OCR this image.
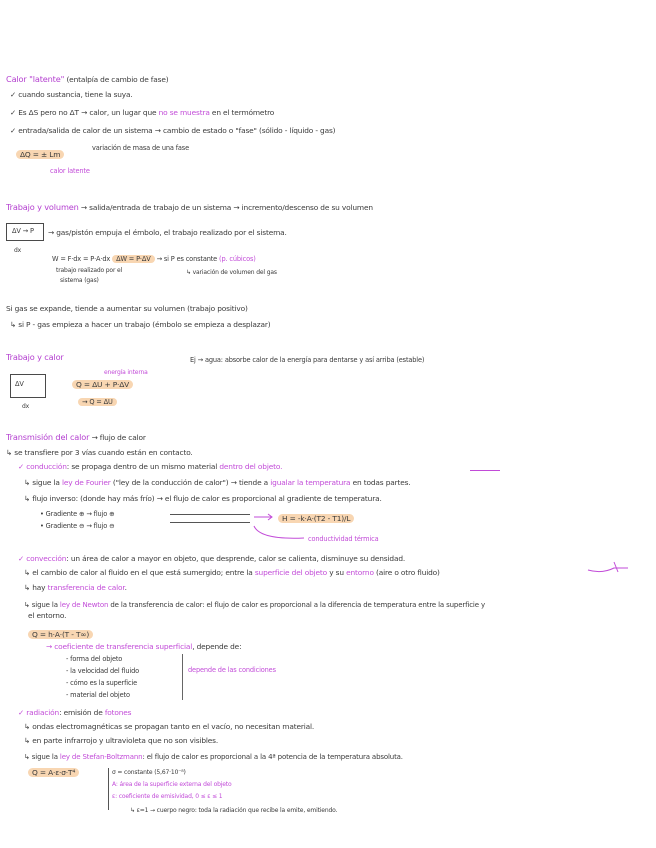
Calor "latente" (entalpía de cambio de fase)
✓ cuando sustancia, tiene la suya.
✓ Es ΔS pero no ΔT → calor, un lugar que no se muestra en el termómetro
✓ entrada/salida de calor de un sistema → cambio de estado o "fase" (sólido - líquido - gas)
ΔQ = ± Lm
variación de masa de una fase
calor latente
Trabajo y volumen → salida/entrada de trabajo de un sistema → incremento/descenso de su volumen
ΔV → P
dx
→ gas/pistón empuja el émbolo, el trabajo realizado por el sistema.
W = F·dx = P·A·dx ΔW = P·ΔV → si P es constante (p. cúbicos)
trabajo realizado por el
sistema (gas)
↳ variación de volumen del gas
Si gas se expande, tiende a aumentar su volumen (trabajo positivo)
↳ si P - gas empieza a hacer un trabajo (émbolo se empieza a desplazar)
Trabajo y calor	Ej → agua: absorbe calor de la energía para dentarse y así arriba (estable)
ΔV
dx
energía interna
Q = ΔU + P·ΔV
→ Q = ΔU
Transmisión del calor → flujo de calor
↳ se transfiere por 3 vías cuando están en contacto.
✓ conducción: se propaga dentro de un mismo material dentro del objeto.
↳ sigue la ley de Fourier ("ley de la conducción de calor") → tiende a igualar la temperatura en todas partes.
↳ flujo inverso: (donde hay más frío) → el flujo de calor es proporcional al gradiente de temperatura.
• Gradiente ⊕ → flujo ⊕
• Gradiente ⊖ → flujo ⊖
H = -k·A·(T2 - T1)/L
conductividad térmica
✓ convección: un área de calor a mayor en objeto, que desprende, calor se calienta, disminuye su densidad.
↳ el cambio de calor al fluido en el que está sumergido; entre la superficie del objeto y su entorno (aire o otro fluido)
↳ hay transferencia de calor.
↳ sigue la ley de Newton de la transferencia de calor: el flujo de calor es proporcional a la diferencia de temperatura entre la superficie y
el entorno.
Q = h·A·(T - T∞)
→ coeficiente de transferencia superficial, depende de:
- forma del objeto
- la velocidad del fluido
- cómo es la superficie
- material del objeto
depende de las condiciones
✓ radiación: emisión de fotones
↳ ondas electromagnéticas se propagan tanto en el vacío, no necesitan material.
↳ en parte infrarrojo y ultravioleta que no son visibles.
↳ sigue la ley de Stefan-Boltzmann: el flujo de calor es proporcional a la 4ª potencia de la temperatura absoluta.
Q = A·ε·σ·T⁴	σ = constante (5,67·10⁻⁸)
A: área de la superficie externa del objeto
ε: coeficiente de emisividad, 0 ≤ ε ≤ 1
↳ ε=1 → cuerpo negro: toda la radiación que recibe la emite, emitiendo.
